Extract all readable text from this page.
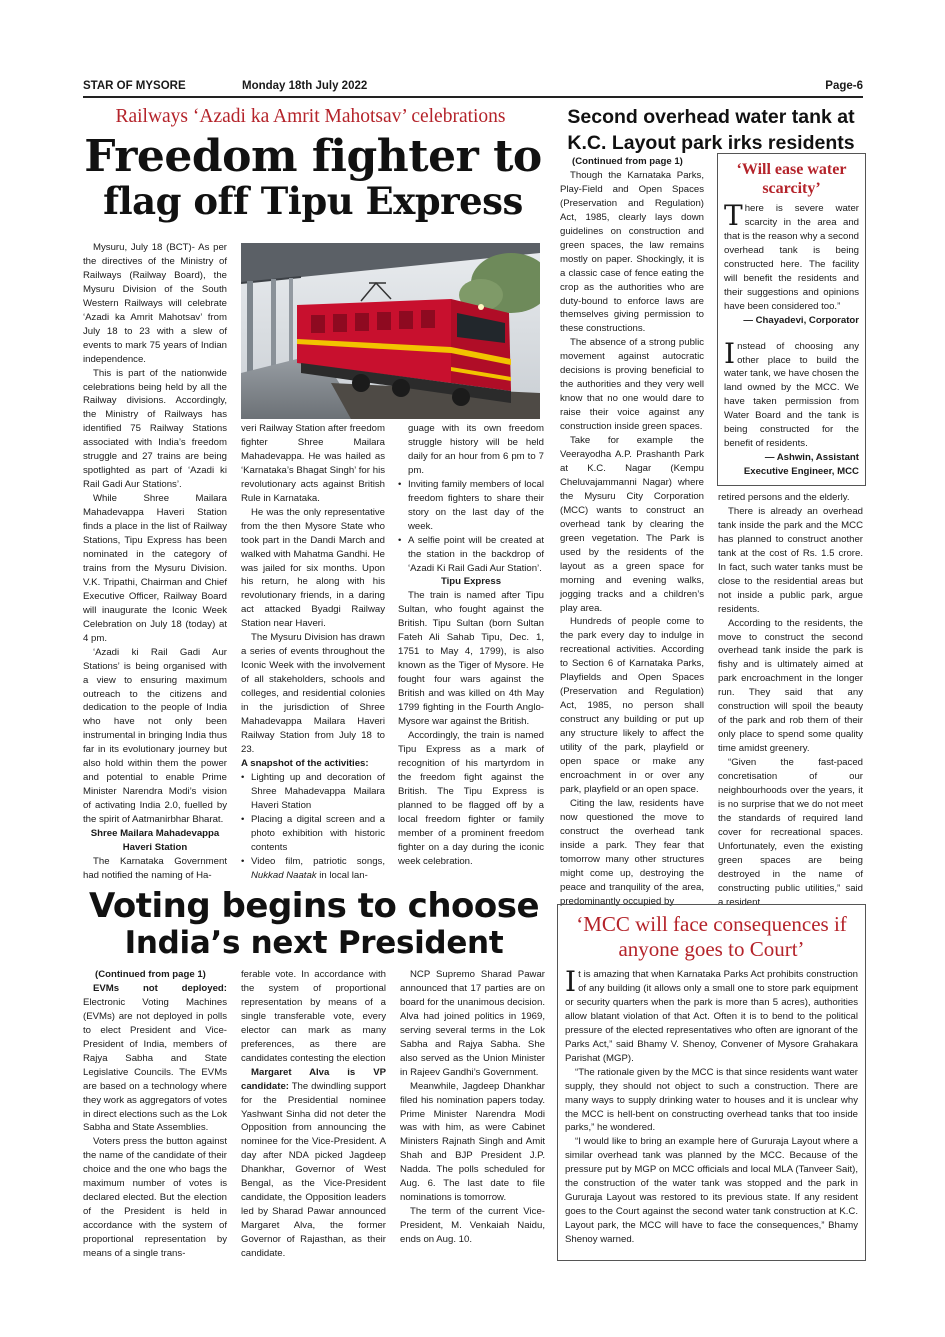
STAR OF MYSORE	Monday 18th July 2022	Page-6
Railways ‘Azadi ka Amrit Mahotsav’ celebrations
Freedom fighter to
flag off Tipu Express
Second overhead water tank at
K.C. Layout park irks residents

Mysuru, July 18 (BCT)- As per the directives of the Ministry of Railways (Railway Board), the Mysuru Division of the South Western Railways will celebrate ‘Azadi ka Amrit Mahotsav’ from July 18 to 23 with a slew of events to mark 75 years of Indian independence.

This is part of the nationwide celebrations being held by all the Railway divisions. Accordingly, the Ministry of Railways has identified 75 Railway Stations associated with India’s freedom struggle and 27 trains are being spotlighted as part of ‘Azadi ki Rail Gadi Aur Stations’.

While Shree Mailara Mahadevappa Haveri Station finds a place in the list of Railway Stations, Tipu Express has been nominated in the category of trains from the Mysuru Division. V.K. Tripathi, Chairman and Chief Executive Officer, Railway Board will inaugurate the Iconic Week Celebration on July 18 (today) at 4 pm.

‘Azadi ki Rail Gadi Aur Stations’ is being organised with a view to ensuring maximum outreach to the citizens and dedication to the people of India who have not only been instrumental in bringing India thus far in its evolutionary journey but also hold within them the power and potential to enable Prime Minister Narendra Modi’s vision of activating India 2.0, fuelled by the spirit of Aatmanirbhar Bharat.

Shree Mailara Mahadevappa Haveri Station

The Karnataka Government had notified the naming of Ha-

veri Railway Station after freedom fighter Shree Mailara Mahadevappa. He was hailed as ‘Karnataka’s Bhagat Singh’ for his revolutionary acts against British Rule in Karnataka.

He was the only representative from the then Mysore State who took part in the Dandi March and walked with Mahatma Gandhi. He was jailed for six months. Upon his return, he along with his revolutionary friends, in a daring act attacked Byadgi Railway Station near Haveri.

The Mysuru Division has drawn a series of events throughout the Iconic Week with the involvement of all stakeholders, schools and colleges, and residential colonies in the jurisdiction of Shree Mahadevappa Mailara Haveri Railway Station from July 18 to 23.

A snapshot of the activities:

• Lighting up and decoration of Shree Mahadevappa Mailara Haveri Station
• Placing a digital screen and a photo exhibition with historic contents
• Video film, patriotic songs, Nukkad Naatak in local lan-

guage with its own freedom struggle history will be held daily for an hour from 6 pm to 7 pm.

• Inviting family members of local freedom fighters to share their story on the last day of the week.
• A selfie point will be created at the station in the backdrop of ‘Azadi Ki Rail Gadi Aur Station’.

Tipu Express

The train is named after Tipu Sultan, who fought against the British. Tipu Sultan (born Sultan Fateh Ali Sahab Tipu, Dec. 1, 1751 to May 4, 1799), is also known as the Tiger of Mysore. He fought four wars against the British and was killed on 4th May 1799 fighting in the Fourth Anglo-Mysore war against the British.

Accordingly, the train is named Tipu Express as a mark of recognition of his martyrdom in the freedom fight against the British. The Tipu Express is planned to be flagged off by a local freedom fighter or family member of a prominent freedom fighter on a day during the iconic week celebration.

(Continued from page 1)

Though the Karnataka Parks, Play-Field and Open Spaces (Preservation and Regulation) Act, 1985, clearly lays down guidelines on construction and green spaces, the law remains mostly on paper. Shockingly, it is a classic case of fence eating the crop as the authorities who are duty-bound to enforce laws are themselves giving permission to these constructions.

The absence of a strong public movement against autocratic decisions is proving beneficial to the authorities and they very well know that no one would dare to raise their voice against any construction inside green spaces.

Take for example the Veerayodha A.P. Prashanth Park at K.C. Nagar (Kempu Cheluvajammanni Nagar) where the Mysuru City Corporation (MCC) wants to construct an overhead tank by clearing the green vegetation. The Park is used by the residents of the layout as a green space for morning and evening walks, jogging tracks and a children’s play area.

Hundreds of people come to the park every day to indulge in recreational activities. According to Section 6 of Karnataka Parks, Playfields and Open Spaces (Preservation and Regulation) Act, 1985, no person shall construct any building or put up any structure likely to affect the utility of the park, playfield or open space or make any encroachment in or over any park, playfield or an open space.

Citing the law, residents have now questioned the move to construct the overhead tank inside a park. They fear that tomorrow many other structures might come up, destroying the peace and tranquility of the area, predominantly occupied by

‘Will ease water scarcity’

There is severe water scarcity in the area and that is the reason why a second overhead tank is being constructed here. The facility will benefit the residents and their suggestions and opinions have been considered too.”

— Chayadevi, Corporator

Instead of choosing any other place to build the water tank, we have chosen the land owned by the MCC. We have taken permission from Water Board and the tank is being constructed for the benefit of residents.

— Ashwin, Assistant Executive Engineer, MCC

retired persons and the elderly.

There is already an overhead tank inside the park and the MCC has planned to construct another tank at the cost of Rs. 1.5 crore. In fact, such water tanks must be close to the residential areas but not inside a public park, argue residents.

According to the residents, the move to construct the second overhead tank inside the park is fishy and is ultimately aimed at park encroachment in the longer run. They said that any construction will spoil the beauty of the park and rob them of their only place to spend some quality time amidst greenery.

“Given the fast-paced concretisation of our neighbourhoods over the years, it is no surprise that we do not meet the standards of required land cover for recreational spaces. Unfortunately, even the existing green spaces are being destroyed in the name of constructing public utilities,” said a resident.

Voting begins to choose
India’s next President

(Continued from page 1)

EVMs not deployed: Electronic Voting Machines (EVMs) are not deployed in polls to elect President and Vice-President of India, members of Rajya Sabha and State Legislative Councils. The EVMs are based on a technology where they work as aggregators of votes in direct elections such as the Lok Sabha and State Assemblies.

Voters press the button against the name of the candidate of their choice and the one who bags the maximum number of votes is declared elected. But the election of the President is held in accordance with the system of proportional representation by means of a single trans-

ferable vote. In accordance with the system of proportional representation by means of a single transferable vote, every elector can mark as many preferences, as there are candidates contesting the election

Margaret Alva is VP candidate: The dwindling support for the Presidential nominee Yashwant Sinha did not deter the Opposition from announcing the nominee for the Vice-President. A day after NDA picked Jagdeep Dhankhar, Governor of West Bengal, as the Vice-President candidate, the Opposition leaders led by Sharad Pawar announced Margaret Alva, the former Governor of Rajasthan, as their candidate.

NCP Supremo Sharad Pawar announced that 17 parties are on board for the unanimous decision. Alva had joined politics in 1969, serving several terms in the Lok Sabha and Rajya Sabha. She also served as the Union Minister in Rajeev Gandhi’s Government.

Meanwhile, Jagdeep Dhankhar filed his nomination papers today. Prime Minister Narendra Modi was with him, as were Cabinet Ministers Rajnath Singh and Amit Shah and BJP President J.P. Nadda. The polls scheduled for Aug. 6. The last date to file nominations is tomorrow.

The term of the current Vice-President, M. Venkaiah Naidu, ends on Aug. 10.

‘MCC will face consequences if anyone goes to Court’

It is amazing that when Karnataka Parks Act prohibits construction of any building (it allows only a small one to store park equipment or security quarters when the park is more than 5 acres), authorities allow blatant violation of that Act. Often it is to bend to the political pressure of the elected representatives who often are ignorant of the Parks Act,” said Bhamy V. Shenoy, Convener of Mysore Grahakara Parishat (MGP).

“The rationale given by the MCC is that since residents want water supply, they should not object to such a construction. There are many ways to supply drinking water to houses and it is unclear why the MCC is hell-bent on constructing overhead tanks that too inside parks,” he wondered.

“I would like to bring an example here of Gururaja Layout where a similar overhead tank was planned by the MCC. Because of the pressure put by MGP on MCC officials and local MLA (Tanveer Sait), the construction of the water tank was stopped and the park in Gururaja Layout was restored to its previous state. If any resident goes to the Court against the second water tank construction at K.C. Layout park, the MCC will have to face the consequences,” Bhamy Shenoy warned.
